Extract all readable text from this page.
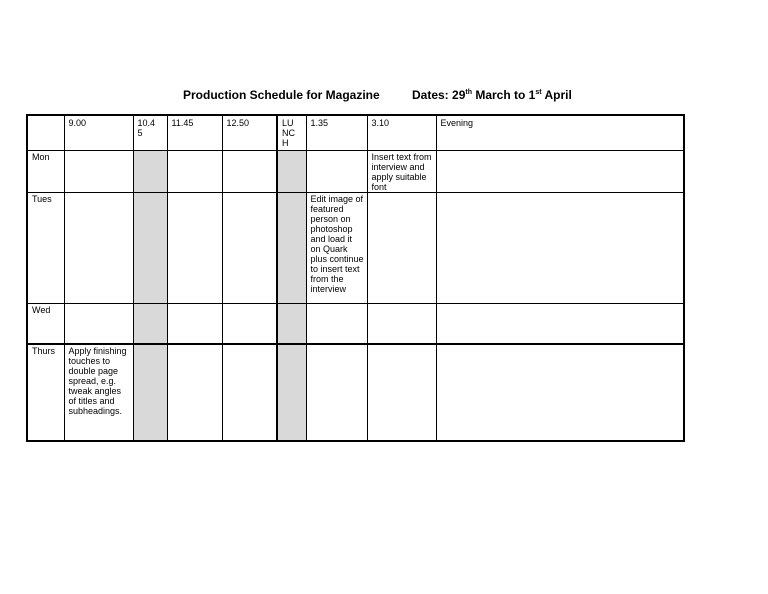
Production Schedule for Magazine	Dates: 29th March to 1st April
	9.00	10.4 5	11.45	12.50	LU NC H	1.35	3.10	Evening
Mon							Insert text from interview and apply suitable font	
Tues						Edit image of featured person on photoshop and load it on Quark plus continue to insert text from the interview		
Wed								
Thurs	Apply finishing touches to double page spread, e.g. tweak angles of titles and subheadings.							
